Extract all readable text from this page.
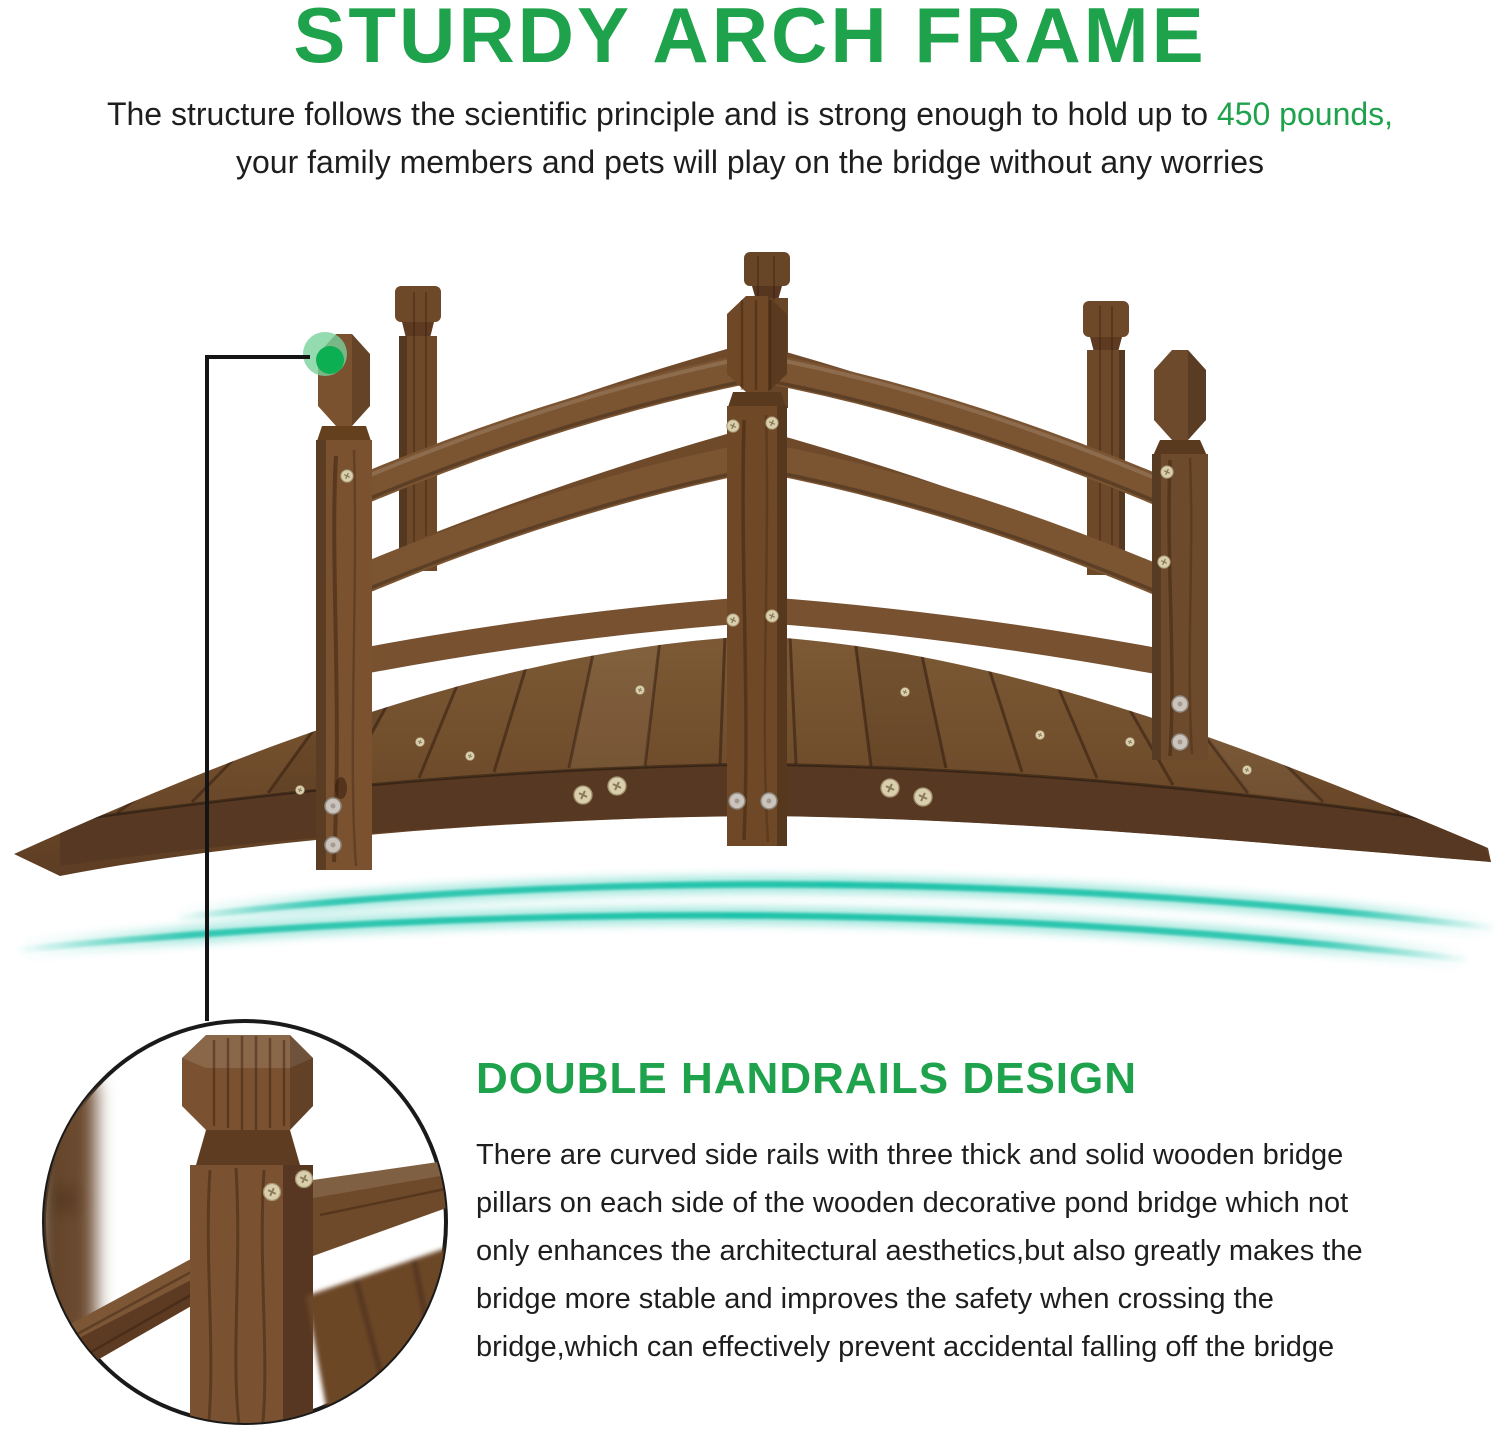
STURDY ARCH FRAME

The structure follows the scientific principle and is strong enough to hold up to 450 pounds,
your family members and pets will play on the bridge without any worries

DOUBLE HANDRAILS DESIGN
There are curved side rails with three thick and solid wooden bridge
pillars on each side of the wooden decorative pond bridge which not
only enhances the architectural aesthetics,but also greatly makes the
bridge more stable and improves the safety when crossing the
bridge,which can effectively prevent accidental falling off the bridge
